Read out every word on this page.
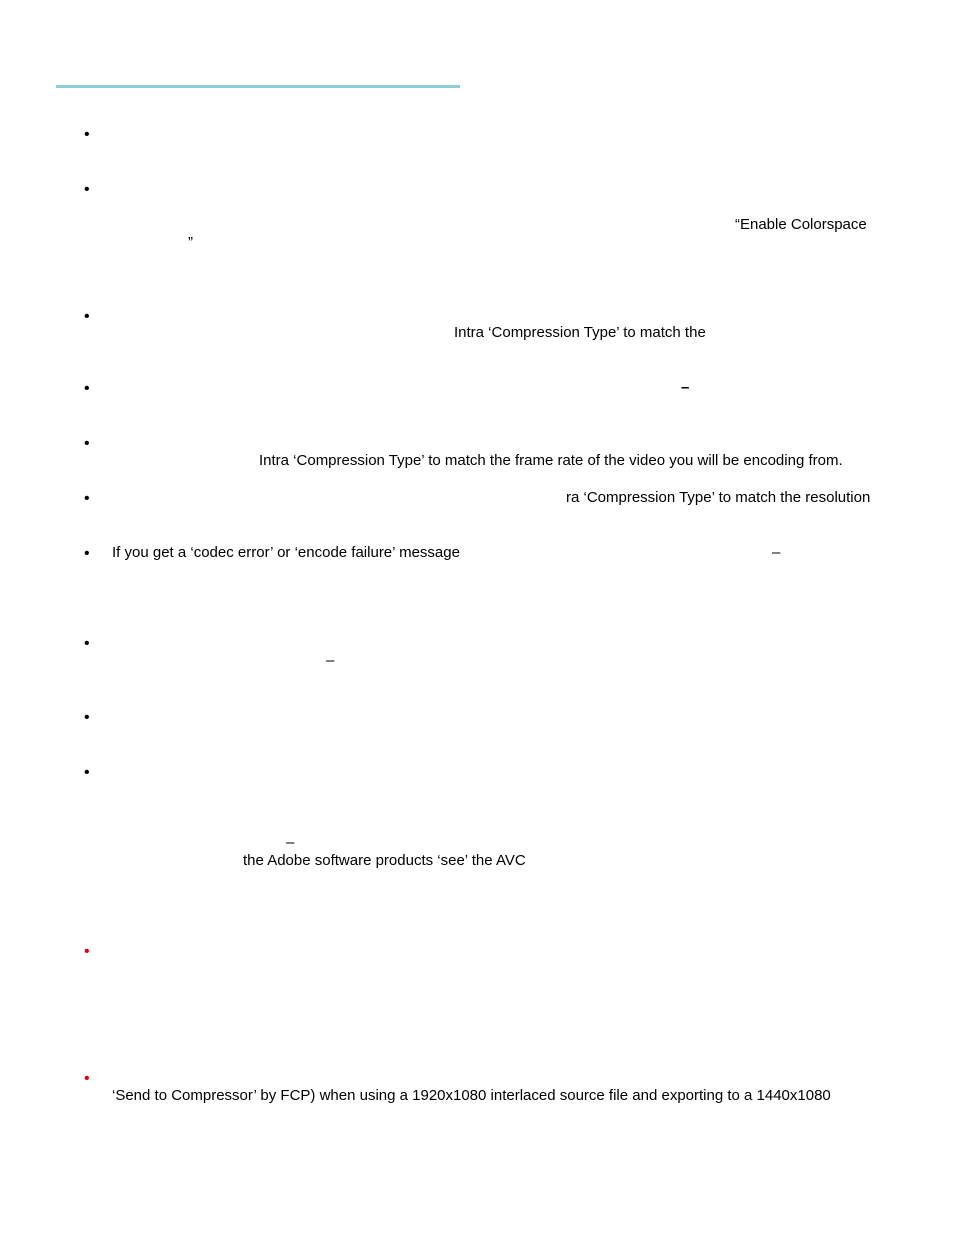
•
•
•
•
•
•
•
•
•
•
•
•
“Enable Colorspace
”
Intra ‘Compression Type’ to match the
–
Intra ‘Compression Type’ to match the frame rate of the video you will be encoding from.
ra ‘Compression Type’ to match the resolution
If you get a ‘codec error’ or ‘encode failure’ message	–
–
–
the Adobe software products ‘see’ the AVC
‘Send to Compressor’ by FCP) when using a 1920x1080 interlaced source file and exporting to a 1440x1080
